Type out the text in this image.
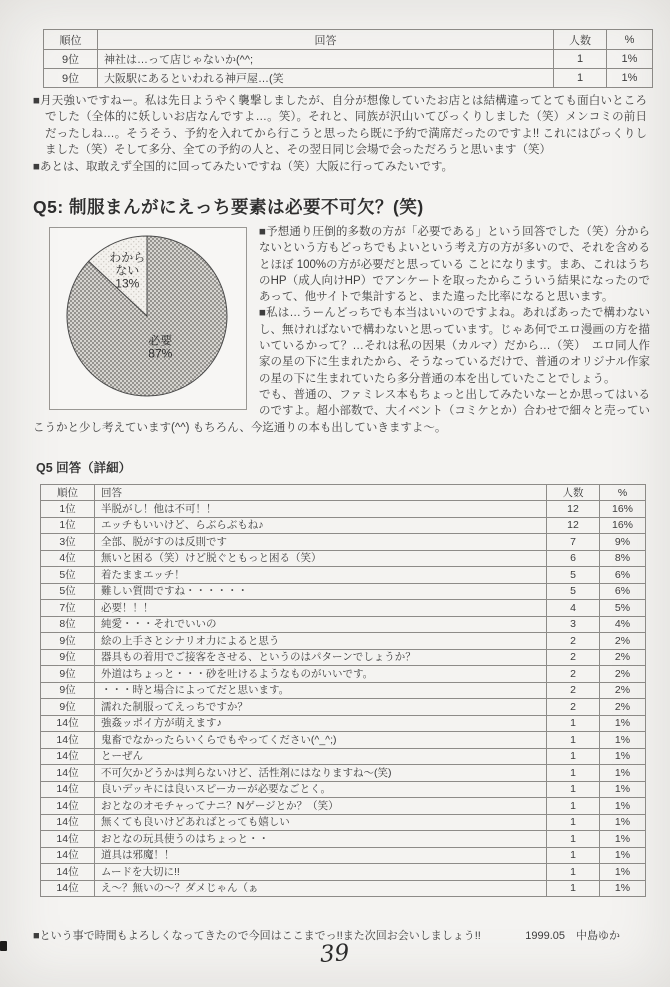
順位	回答	人数	%
9位	神社は…って店じゃないか(^^;	1	1%
9位	大阪駅にあるといわれる神戸屋…(笑	1	1%

■月天強いですねー。私は先日ようやく襲撃しましたが、自分が想像していたお店とは結構違ってとても面白いところでした（全体的に妖しいお店なんですよ…。笑）。それと、同族が沢山いてびっくりしました（笑）メンコミの前日だったしね…。そうそう、予約を入れてから行こうと思ったら既に予約で満席だったのですよ!! これにはびっくりしました（笑）そして多分、全ての予約の人と、その翌日同じ会場で会っただろうと思います（笑）

■あとは、取敢えず全国的に回ってみたいですね（笑）大阪に行ってみたいです。

Q5: 制服まんがにえっち要素は必要不可欠？(笑)
必要 87%
わからない 13%

■予想通り圧倒的多数の方が「必要である」という回答でした（笑）分からないという方もどっちでもよいという考え方の方が多いので、それを含めるとほぼ 100%の方が必要だと思っている ことになります。まあ、これはうちのHP（成人向けHP）でアンケートを取ったからこういう結果になったのであって、他サイトで集計すると、また違った比率になると思います。

■私は…うーんどっちでも本当はいいのですよね。あればあったで構わないし、無ければないで構わないと思っています。じゃあ何でエロ漫画の方を描いているかって？…それは私の因果（カルマ）だから…（笑）　エロ同人作家の星の下に生まれたから、そうなっているだけで、普通のオリジナル作家の星の下に生まれていたら多分普通の本を出していたことでしょう。

でも、普通の、ファミレス本もちょっと出してみたいなーとか思ってはいるのですよ。超小部数で、大イベント（コミケとか）合わせで細々と売っていこうかと少し考えています(^^) もちろん、今迄通りの本も出していきますよ～。

Q5 回答（詳細）
順位	回答	人数	%
1位	半脱がし！他は不可！！	12	16%
1位	エッチもいいけど、らぶらぶもね♪	12	16%
3位	全部、脱がすのは反則です	7	9%
4位	無いと困る（笑）けど脱ぐともっと困る（笑）	6	8%
5位	着たままエッチ！	5	6%
5位	難しい質問ですね・・・・・・	5	6%
7位	必要！！！	4	5%
8位	純愛・・・それでいいの	3	4%
9位	絵の上手さとシナリオ力によると思う	2	2%
9位	器具もの着用でご接客をさせる、というのはパターンでしょうか？	2	2%
9位	外道はちょっと・・・砂を吐けるようなものがいいです。	2	2%
9位	・・・時と場合によってだと思います。	2	2%
9位	濡れた制服ってえっちですか？	2	2%
14位	強姦ッポイ方が萌えます♪	1	1%
14位	鬼畜でなかったらいくらでもやってください(^_^;)	1	1%
14位	とーぜん	1	1%
14位	不可欠かどうかは判らないけど、活性剤にはなりますね～(笑)	1	1%
14位	良いデッキには良いスピーカーが必要なごとく。	1	1%
14位	おとなのオモチャってナニ？Nゲージとか？（笑）	1	1%
14位	無くても良いけどあればとっても嬉しい	1	1%
14位	おとなの玩具使うのはちょっと・・	1	1%
14位	道具は邪魔！！	1	1%
14位	ムードを大切に!!	1	1%
14位	え～？無いの～？ダメじゃん（ぁ	1	1%
■という事で時間もよろしくなってきたので今回はここまでっ!!また次回お会いしましょう!!	1999.05　中島ゆか
39
